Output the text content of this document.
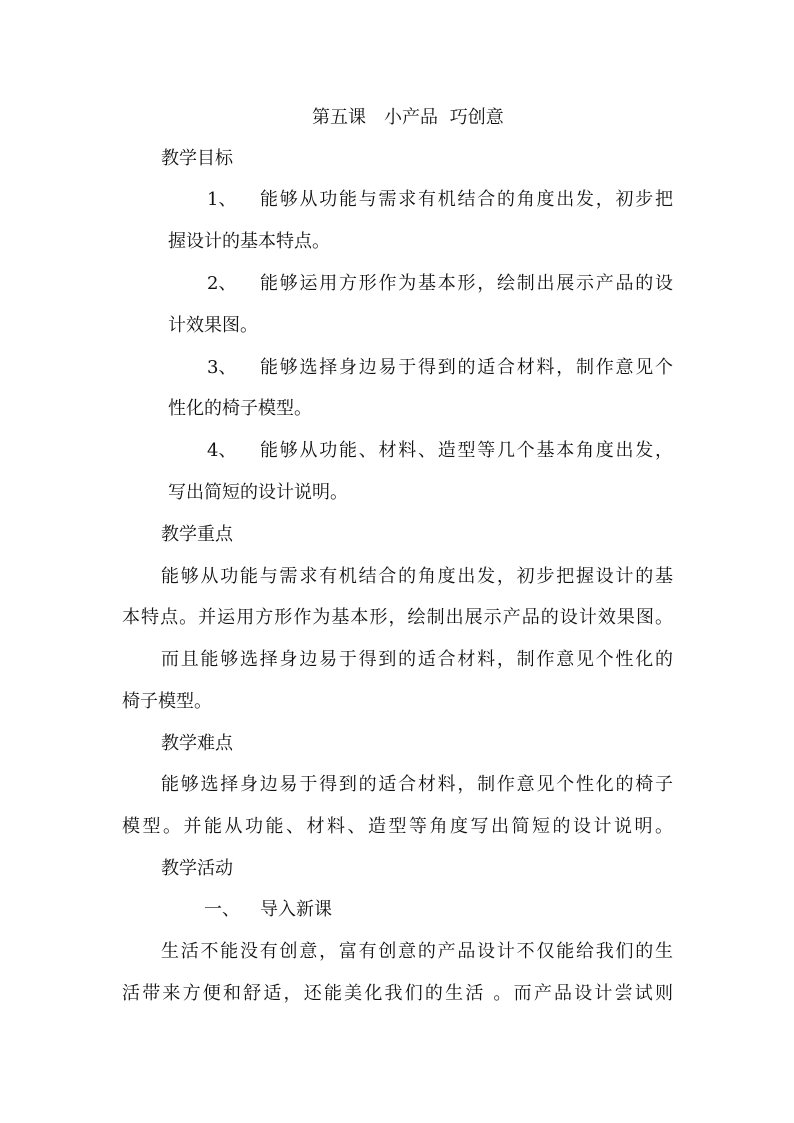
第五课　小产品 巧创意
教学目标
1、 能够从功能与需求有机结合的角度出发，初步把
握设计的基本特点。
2、 能够运用方形作为基本形，绘制出展示产品的设
计效果图。
3、 能够选择身边易于得到的适合材料，制作意见个
性化的椅子模型。
4、 能够从功能、材料、造型等几个基本角度出发，
写出简短的设计说明。
教学重点
能够从功能与需求有机结合的角度出发，初步把握设计的基
本特点。并运用方形作为基本形，绘制出展示产品的设计效果图。
而且能够选择身边易于得到的适合材料，制作意见个性化的
椅子模型。
教学难点
能够选择身边易于得到的适合材料，制作意见个性化的椅子
模型。并能从功能、材料、造型等角度写出简短的设计说明。
教学活动
一、 导入新课
生活不能没有创意，富有创意的产品设计不仅能给我们的生
活带来方便和舒适，还能美化我们的生活 。而产品设计尝试则
